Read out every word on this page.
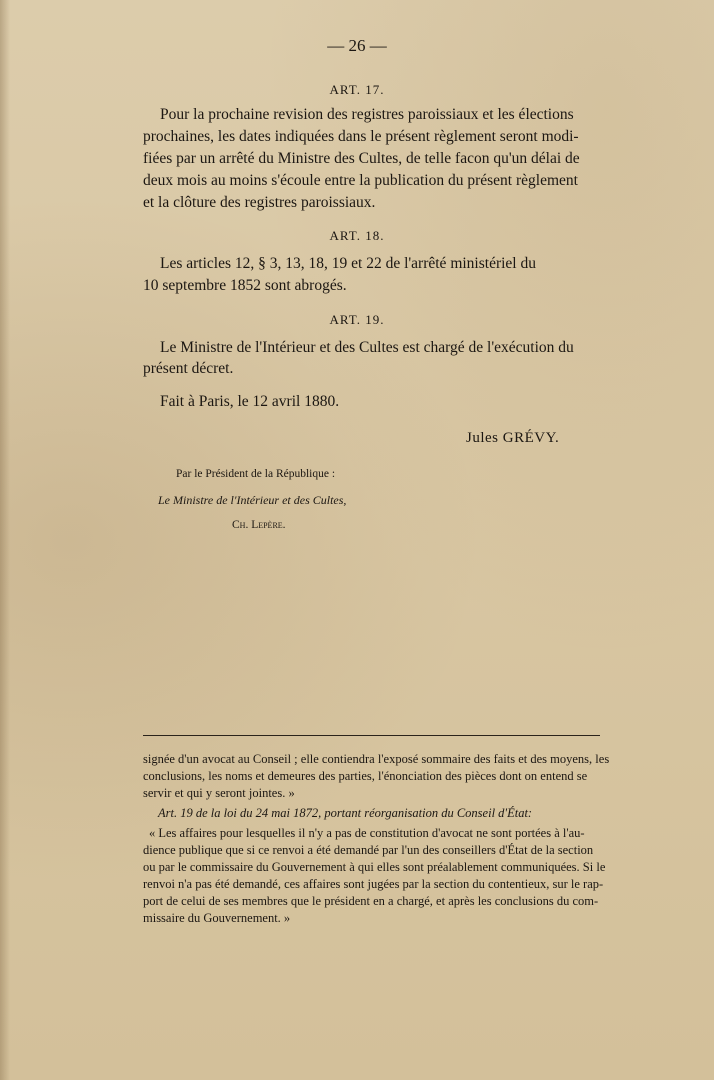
— 26 —
ART. 17.
Pour la prochaine revision des registres paroissiaux et les élections
prochaines, les dates indiquées dans le présent règlement seront modi-
fiées par un arrêté du Ministre des Cultes, de telle facon qu'un délai de
deux mois au moins s'écoule entre la publication du présent règlement
et la clôture des registres paroissiaux.
ART. 18.
Les articles 12, § 3, 13, 18, 19 et 22 de l'arrêté ministériel du
10 septembre 1852 sont abrogés.
ART. 19.
Le Ministre de l'Intérieur et des Cultes est chargé de l'exécution du
présent décret.
Fait à Paris, le 12 avril 1880.
Jules GRÉVY.
Par le Président de la République :
Le Ministre de l'Intérieur et des Cultes,
Ch. Lepère.
signée d'un avocat au Conseil ; elle contiendra l'exposé sommaire des faits et des moyens, les
conclusions, les noms et demeures des parties, l'énonciation des pièces dont on entend se
servir et qui y seront jointes. »
Art. 19 de la loi du 24 mai 1872, portant réorganisation du Conseil d'État:
« Les affaires pour lesquelles il n'y a pas de constitution d'avocat ne sont portées à l'au-
dience publique que si ce renvoi a été demandé par l'un des conseillers d'État de la section
ou par le commissaire du Gouvernement à qui elles sont préalablement communiquées. Si le
renvoi n'a pas été demandé, ces affaires sont jugées par la section du contentieux, sur le rap-
port de celui de ses membres que le président en a chargé, et après les conclusions du com-
missaire du Gouvernement. »
